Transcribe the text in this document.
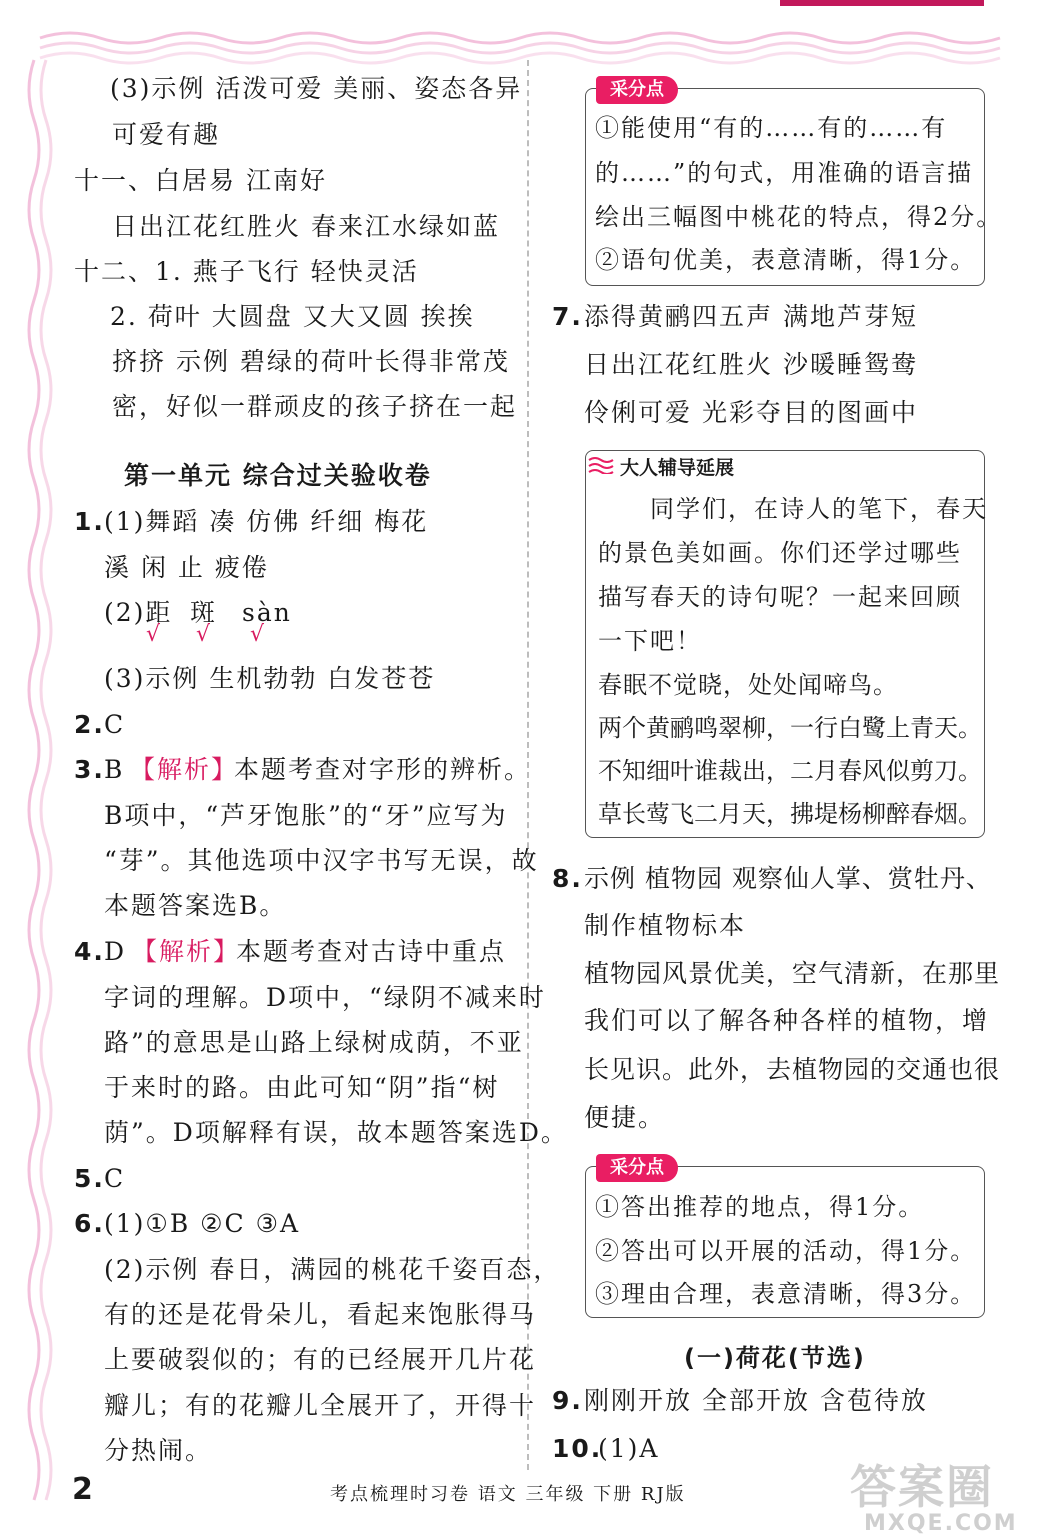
(3)示例 活泼可爱 美丽、姿态各异
可爱有趣
十一、白居易 江南好
日出江花红胜火 春来江水绿如蓝
十二、1. 燕子飞行 轻快灵活
2. 荷叶 大圆盘 又大又圆 挨挨
挤挤 示例 碧绿的荷叶长得非常茂
密，好似一群顽皮的孩子挤在一起
第一单元 综合过关验收卷
1. (1)舞蹈 凑 仿佛 纤细 梅花
溪 闲 止 疲倦
(2)距 斑 sàn
√ √ √
(3)示例 生机勃勃 白发苍苍
2. C
3. B 【解析】
本题考查对字形的辨析。
B项中，“芦牙饱胀”的“牙”应写为
“芽”。其他选项中汉字书写无误，故
本题答案选B。
4. D 【解析】
本题考查对古诗中重点
字词的理解。D项中，“绿阴不减来时
路”的意思是山路上绿树成荫，不亚
于来时的路。由此可知“阴”指“树
荫”。D项解释有误，故本题答案选D。
5. C
6. (1)①B ②C ③A
(2)示例 春日，满园的桃花千姿百态，
有的还是花骨朵儿，看起来饱胀得马
上要破裂似的；有的已经展开几片花
瓣儿；有的花瓣儿全展开了，开得十
分热闹。
采分点
①能使用“有的……有的……有
的……”的句式，用准确的语言描
绘出三幅图中桃花的特点，得2分。
②语句优美，表意清晰，得1分。
7. 添得黄鹂四五声 满地芦芽短
日出江花红胜火 沙暖睡鸳鸯
伶俐可爱 光彩夺目的图画中
大人辅导延展
同学们，在诗人的笔下，春天
的景色美如画。你们还学过哪些
描写春天的诗句呢？一起来回顾
一下吧！
春眠不觉晓，处处闻啼鸟。
两个黄鹂鸣翠柳，一行白鹭上青天。
不知细叶谁裁出，二月春风似剪刀。
草长莺飞二月天，拂堤杨柳醉春烟。
8. 示例 植物园 观察仙人掌、赏牡丹、
制作植物标本
植物园风景优美，空气清新，在那里
我们可以了解各种各样的植物，增
长见识。此外，去植物园的交通也很
便捷。
采分点
①答出推荐的地点，得1分。
②答出可以开展的活动，得1分。
③理由合理，表意清晰，得3分。
(一)荷花(节选)
9. 刚刚开放 全部开放 含苞待放
10.
(1)A
2	考点梳理时习卷 语文 三年级 下册 RJ版	答案圈
MXQE.COM
